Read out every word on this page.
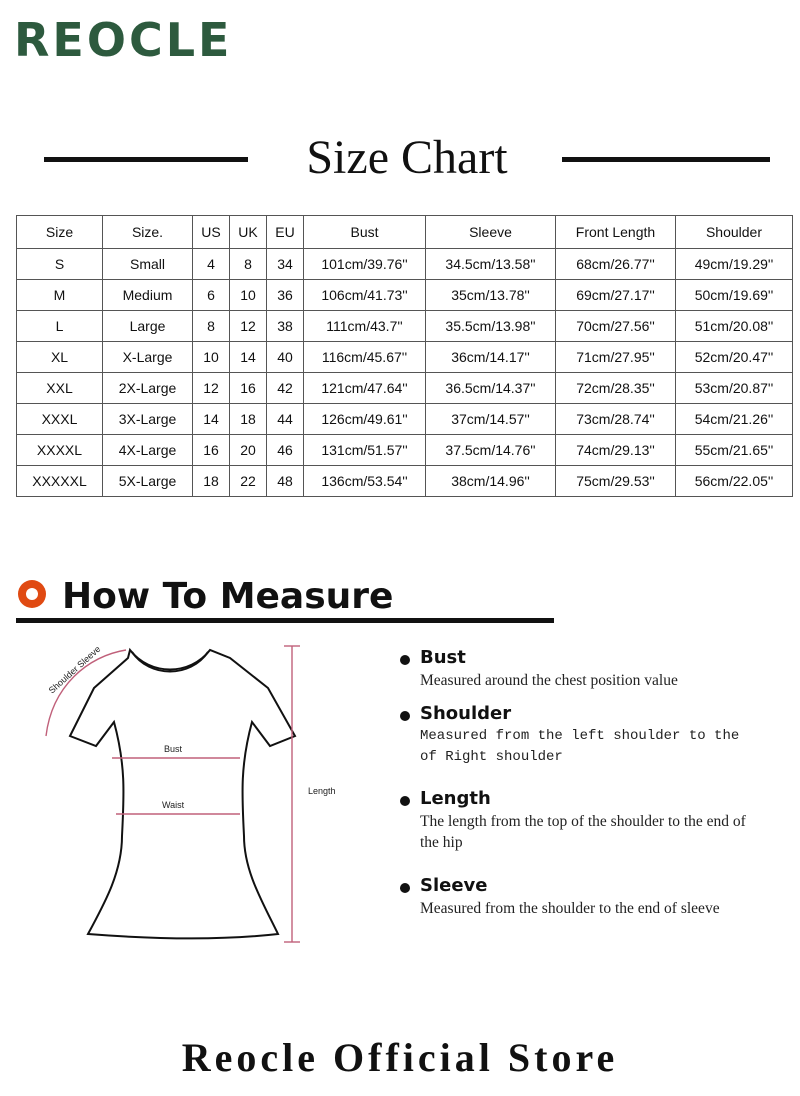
REOCLE
Size Chart
Size	Size.	US	UK	EU	Bust	Sleeve	Front Length	Shoulder
S	Small	4	8	34	101cm/39.76''	34.5cm/13.58''	68cm/26.77''	49cm/19.29''
M	Medium	6	10	36	106cm/41.73''	35cm/13.78''	69cm/27.17''	50cm/19.69''
L	Large	8	12	38	111cm/43.7''	35.5cm/13.98''	70cm/27.56''	51cm/20.08''
XL	X-Large	10	14	40	116cm/45.67''	36cm/14.17''	71cm/27.95''	52cm/20.47''
XXL	2X-Large	12	16	42	121cm/47.64''	36.5cm/14.37''	72cm/28.35''	53cm/20.87''
XXXL	3X-Large	14	18	44	126cm/49.61''	37cm/14.57''	73cm/28.74''	54cm/21.26''
XXXXL	4X-Large	16	20	46	131cm/51.57''	37.5cm/14.76''	74cm/29.13''	55cm/21.65''
XXXXXL	5X-Large	18	22	48	136cm/53.54''	38cm/14.96''	75cm/29.53''	56cm/22.05''
How To Measure
Shoulder Sleeve
Bust
Waist
Length
Bust
Measured around the chest position value
Shoulder
Measured from the left shoulder to the of Right shoulder
Length
The length from the top of the shoulder to the end of the hip
Sleeve
Measured from the shoulder to the end of sleeve
Reocle Official Store
